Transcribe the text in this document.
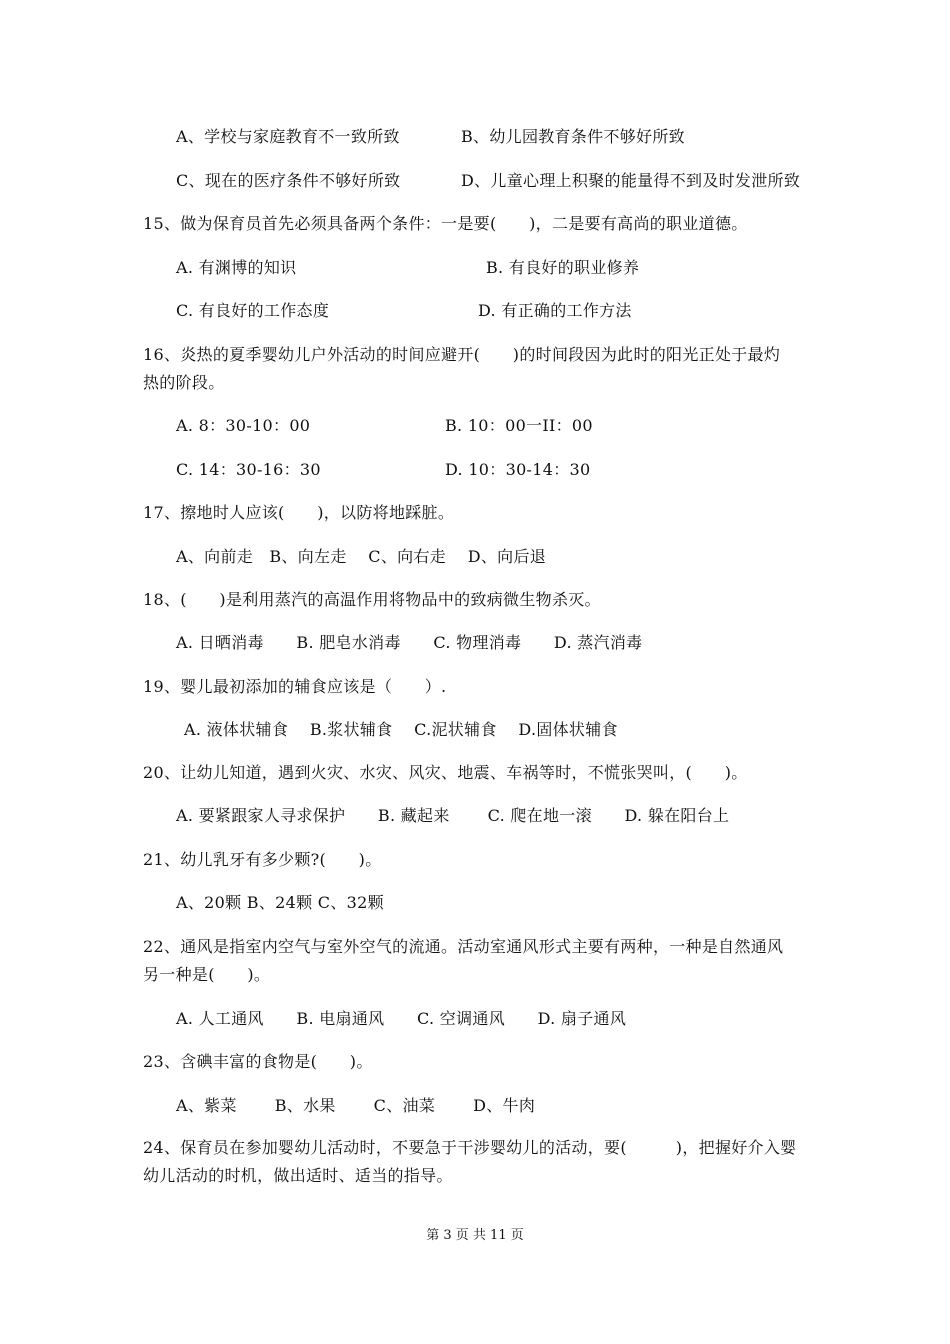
A、学校与家庭教育不一致所致	B、幼儿园教育条件不够好所致
C、现在的医疗条件不够好所致	D、儿童心理上积聚的能量得不到及时发泄所致
15、做为保育员首先必须具备两个条件：一是要(　　)，二是要有高尚的职业道德。
A. 有渊博的知识	B. 有良好的职业修养
C. 有良好的工作态度	D. 有正确的工作方法
16、炎热的夏季婴幼儿户外活动的时间应避开(　　)的时间段因为此时的阳光正处于最灼
热的阶段。
A. 8：30-10：00	B. 10：00一II：00
C. 14：30-16：30	D. 10：30-14：30
17、擦地时人应该(　　)，以防将地踩脏。
A、向前走　B、向左走　 C、向右走　 D、向后退
18、(　　)是利用蒸汽的高温作用将物品中的致病微生物杀灭。
A. 日晒消毒　　B. 肥皂水消毒　　C. 物理消毒　　D. 蒸汽消毒
19、婴儿最初添加的辅食应该是（　　）.
A. 液体状辅食　 B.浆状辅食　 C.泥状辅食　 D.固体状辅食
20、让幼儿知道，遇到火灾、水灾、风灾、地震、车祸等时，不慌张哭叫，(　　)。
A. 要紧跟家人寻求保护　　B. 藏起来　　 C. 爬在地一滚　　D. 躲在阳台上
21、幼儿乳牙有多少颗?(　　)。
A、20颗 B、24颗 C、32颗
22、通风是指室内空气与室外空气的流通。活动室通风形式主要有两种，一种是自然通风
另一种是(　　)。
A. 人工通风　　B. 电扇通风　　C. 空调通风　　D. 扇子通风
23、含碘丰富的食物是(　　)。
A、紫菜　　 B、水果　　 C、油菜　　 D、牛肉
24、保育员在参加婴幼儿活动时，不要急于干涉婴幼儿的活动，要(　　　)，把握好介入婴
幼儿活动的时机，做出适时、适当的指导。
第 3 页 共 11 页
